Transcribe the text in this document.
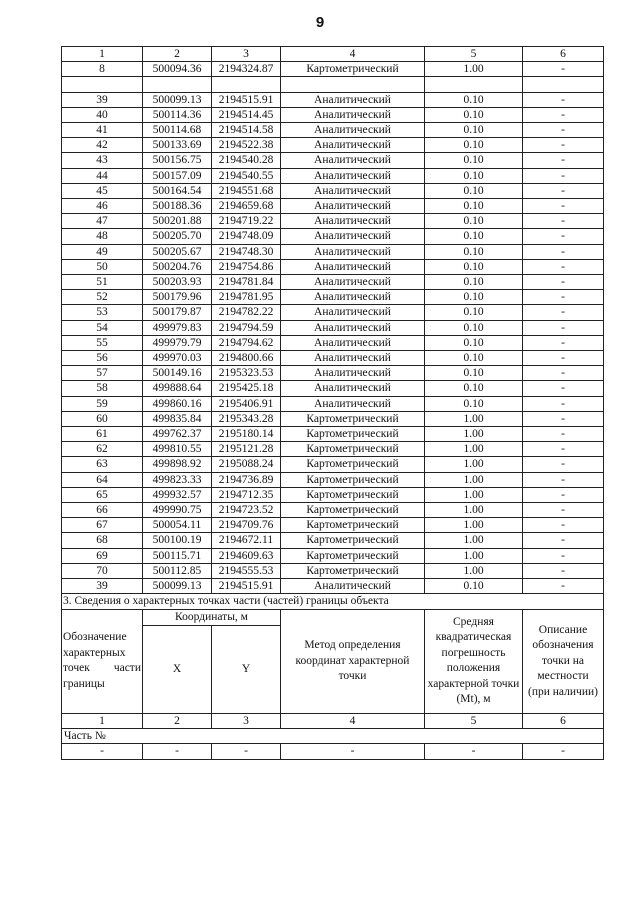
9
1	2	3	4	5	6
8	500094.36	2194324.87	Картометрический	1.00	-

39	500099.13	2194515.91	Аналитический	0.10	-
40	500114.36	2194514.45	Аналитический	0.10	-
41	500114.68	2194514.58	Аналитический	0.10	-
42	500133.69	2194522.38	Аналитический	0.10	-
43	500156.75	2194540.28	Аналитический	0.10	-
44	500157.09	2194540.55	Аналитический	0.10	-
45	500164.54	2194551.68	Аналитический	0.10	-
46	500188.36	2194659.68	Аналитический	0.10	-
47	500201.88	2194719.22	Аналитический	0.10	-
48	500205.70	2194748.09	Аналитический	0.10	-
49	500205.67	2194748.30	Аналитический	0.10	-
50	500204.76	2194754.86	Аналитический	0.10	-
51	500203.93	2194781.84	Аналитический	0.10	-
52	500179.96	2194781.95	Аналитический	0.10	-
53	500179.87	2194782.22	Аналитический	0.10	-
54	499979.83	2194794.59	Аналитический	0.10	-
55	499979.79	2194794.62	Аналитический	0.10	-
56	499970.03	2194800.66	Аналитический	0.10	-
57	500149.16	2195323.53	Аналитический	0.10	-
58	499888.64	2195425.18	Аналитический	0.10	-
59	499860.16	2195406.91	Аналитический	0.10	-
60	499835.84	2195343.28	Картометрический	1.00	-
61	499762.37	2195180.14	Картометрический	1.00	-
62	499810.55	2195121.28	Картометрический	1.00	-
63	499898.92	2195088.24	Картометрический	1.00	-
64	499823.33	2194736.89	Картометрический	1.00	-
65	499932.57	2194712.35	Картометрический	1.00	-
66	499990.75	2194723.52	Картометрический	1.00	-
67	500054.11	2194709.76	Картометрический	1.00	-
68	500100.19	2194672.11	Картометрический	1.00	-
69	500115.71	2194609.63	Картометрический	1.00	-
70	500112.85	2194555.53	Картометрический	1.00	-
39	500099.13	2194515.91	Аналитический	0.10	-
3. Сведения о характерных точках части (частей) границы объекта					
Обозначение характерных точек части границы	Координаты, м		Метод определения координат характерной точки	Средняя квадратическая погрешность положения характерной точки (Mt), м	Описание обозначения точки на местности (при наличии)
	X	Y			
1	2	3	4	5	6
Часть №					
-	-	-	-	-	-
